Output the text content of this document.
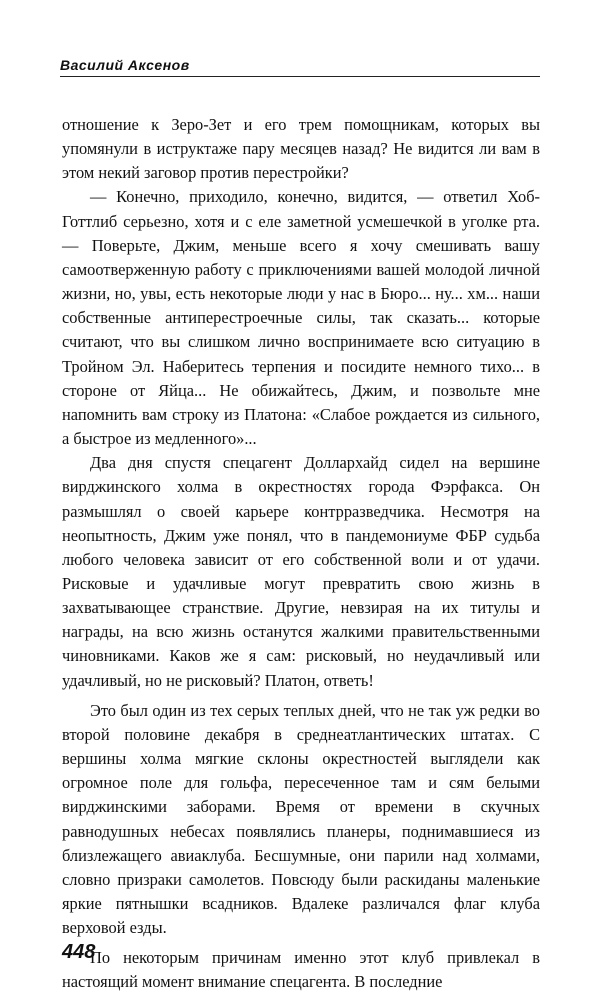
Василий Аксенов

отношение к Зеро-Зет и его трем помощникам, которых вы упомянули в иструктаже пару месяцев назад? Не видится ли вам в этом некий заговор против перестройки?

— Конечно, приходило, конечно, видится, — ответил Хоб-Готтлиб серьезно, хотя и с еле заметной усмешечкой в уголке рта. — Поверьте, Джим, меньше всего я хочу смешивать вашу самоотверженную работу с приключениями вашей молодой личной жизни, но, увы, есть некоторые люди у нас в Бюро... ну... хм... наши собственные антиперестроечные силы, так сказать... которые считают, что вы слишком лично воспринимаете всю ситуацию в Тройном Эл. Наберитесь терпения и посидите немного тихо... в стороне от Яйца... Не обижайтесь, Джим, и позвольте мне напомнить вам строку из Платона: «Слабое рождается из сильного, а быстрое из медленного»...

Два дня спустя спецагент Доллархайд сидел на вершине вирджинского холма в окрестностях города Фэрфакса. Он размышлял о своей карьере контрразведчика. Несмотря на неопытность, Джим уже понял, что в пандемониуме ФБР судьба любого человека зависит от его собственной воли и от удачи. Рисковые и удачливые могут превратить свою жизнь в захватывающее странствие. Другие, невзирая на их титулы и награды, на всю жизнь останутся жалкими правительственными чиновниками. Каков же я сам: рисковый, но неудачливый или удачливый, но не рисковый? Платон, ответь!

Это был один из тех серых теплых дней, что не так уж редки во второй половине декабря в среднеатлантических штатах. С вершины холма мягкие склоны окрестностей выглядели как огромное поле для гольфа, пересеченное там и сям белыми вирджинскими заборами. Время от времени в скучных равнодушных небесах появлялись планеры, поднимавшиеся из близлежащего авиаклуба. Бесшумные, они парили над холмами, словно призраки самолетов. Повсюду были раскиданы маленькие яркие пятнышки всадников. Вдалеке различался флаг клуба верховой езды.

По некоторым причинам именно этот клуб привлекал в настоящий момент внимание спецагента. В последние

448
